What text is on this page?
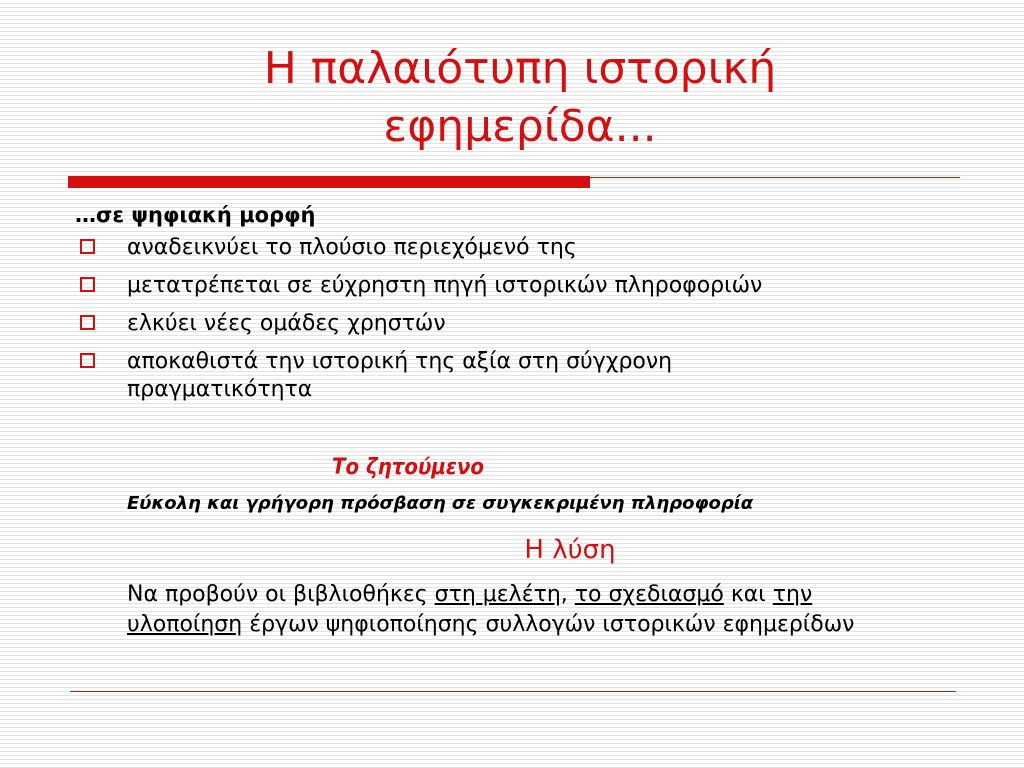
Η παλαιότυπη ιστορική
εφημερίδα...
…σε ψηφιακή μορφή
αναδεικνύει το πλούσιο περιεχόμενό της
μετατρέπεται σε εύχρηστη πηγή ιστορικών πληροφοριών
ελκύει νέες ομάδες χρηστών
αποκαθιστά την ιστορική της αξία στη σύγχρονη πραγματικότητα
Το ζητούμενο
Εύκολη και γρήγορη πρόσβαση σε συγκεκριμένη πληροφορία
Η λύση
Να προβούν οι βιβλιοθήκες στη μελέτη, το σχεδιασμό και την υλοποίηση έργων ψηφιοποίησης συλλογών ιστορικών εφημερίδων
